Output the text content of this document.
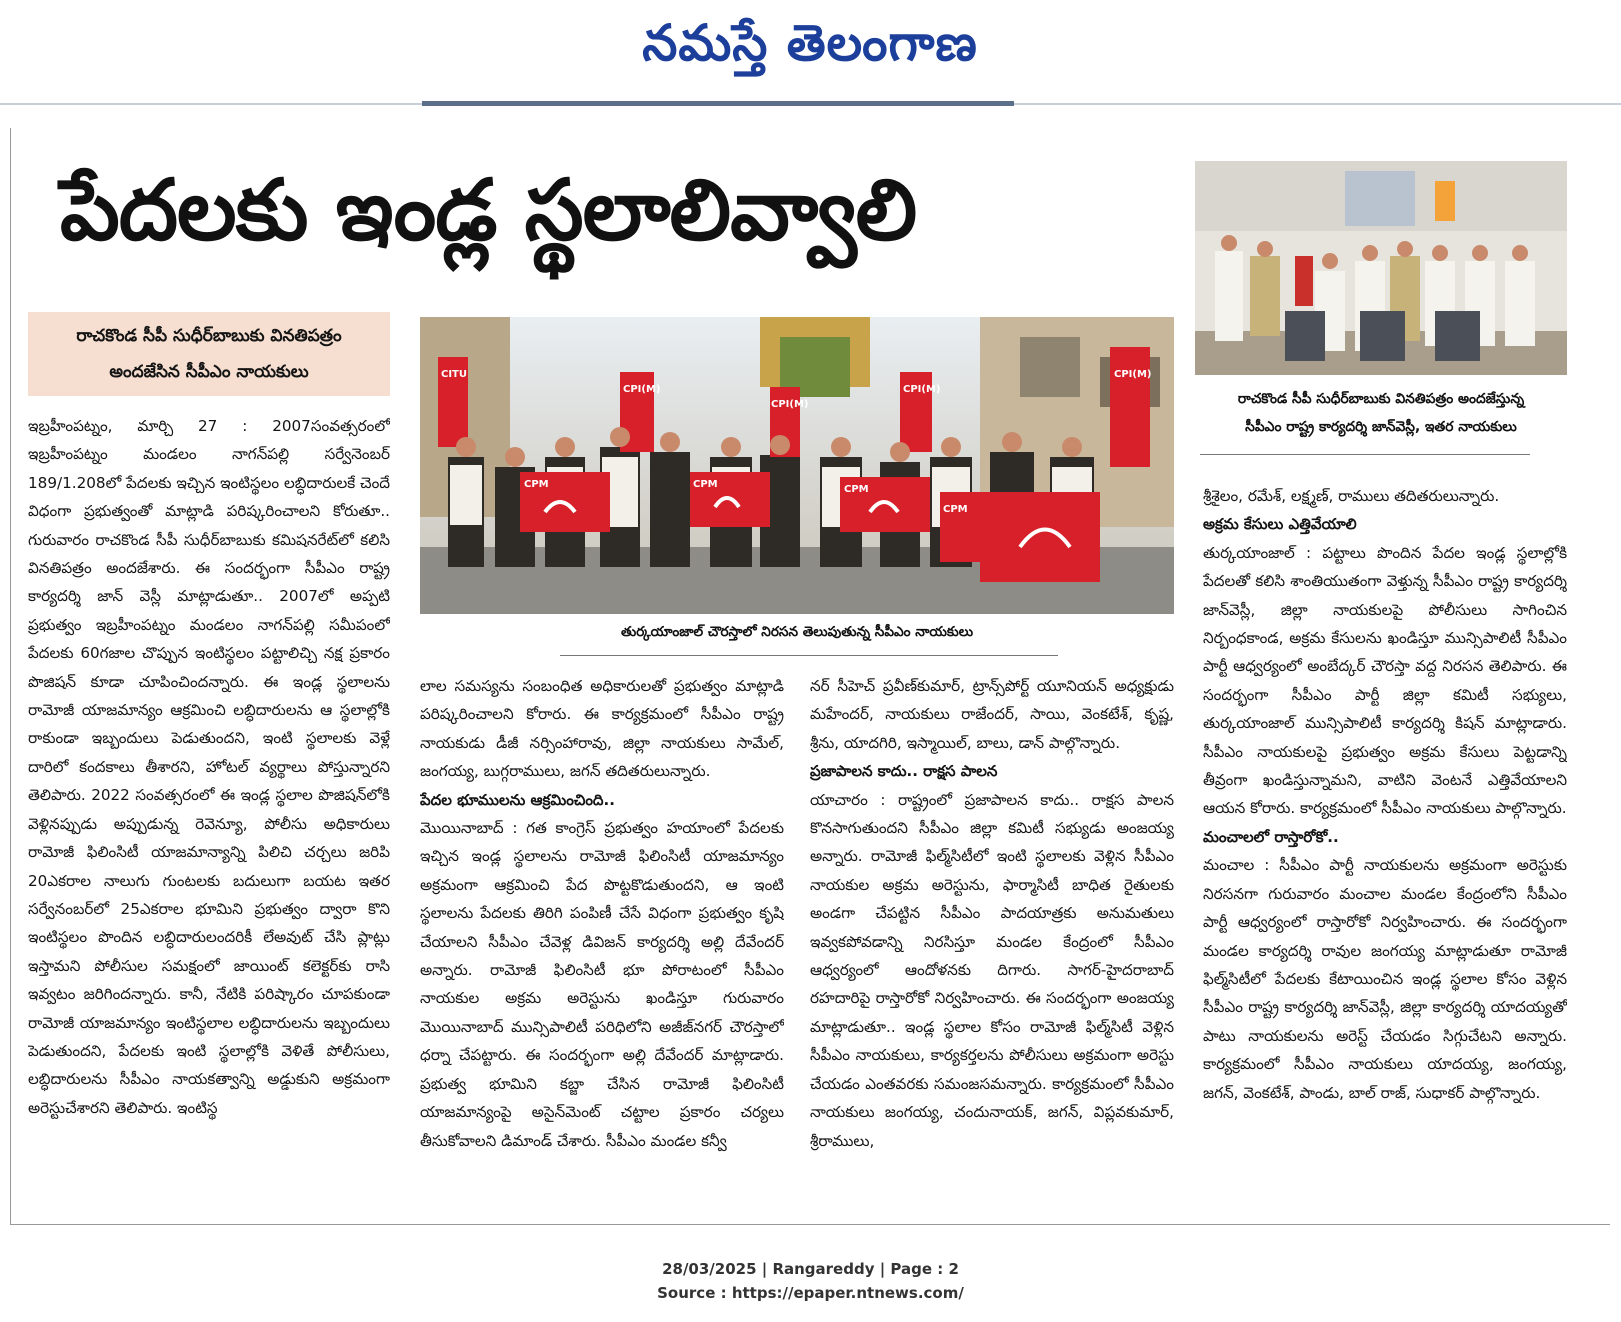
నమస్తే తెలంగాణ
పేదలకు ఇండ్ల స్థలాలివ్వాలి
రాచకొండ సీపీ సుధీర్‌బాబుకు వినతిపత్రం
అందజేసిన సీపీఎం నాయకులు

ఇబ్రహీంపట్నం, మార్చి 27 : 2007సంవత్సరంలో ఇబ్రహీంపట్నం మండలం నాగన్‌పల్లి సర్వేనెంబర్ 189/1.208లో పేదలకు ఇచ్చిన ఇంటిస్థలం లబ్ధిదారులకే చెందే విధంగా ప్రభుత్వంతో మాట్లాడి పరిష్కరించాలని కోరుతూ.. గురువారం రాచకొండ సీపీ సుధీర్‌బాబుకు కమిషనరేట్‌లో కలిసి వినతిపత్రం అందజేశారు. ఈ సందర్భంగా సీపీఎం రాష్ట్ర కార్యదర్శి జాన్ వెస్లీ మాట్లాడుతూ.. 2007లో అప్పటి ప్రభుత్వం ఇబ్రహీంపట్నం మండలం నాగన్‌పల్లి సమీపంలో పేదలకు 60గజాల చొప్పున ఇంటిస్థలం పట్టాలిచ్చి నక్ష ప్రకారం పొజిషన్ కూడా చూపించిందన్నారు. ఈ ఇండ్ల స్థలాలను రామోజీ యాజమాన్యం ఆక్రమించి లబ్ధిదారులను ఆ స్థలాల్లోకి రాకుండా ఇబ్బందులు పెడుతుందని, ఇంటి స్థలాలకు వెళ్లే దారిలో కందకాలు తీశారని, హోటల్ వ్యర్థాలు పోస్తున్నారని తెలిపారు. 2022 సంవత్సరంలో ఈ ఇండ్ల స్థలాల పొజిషన్‌లోకి వెళ్లినప్పుడు అప్పుడున్న రెవెన్యూ, పోలీసు అధికారులు రామోజీ ఫిలింసిటీ యాజమాన్యాన్ని పిలిచి చర్చలు జరిపి 20ఎకరాల నాలుగు గుంటలకు బదులుగా బయట ఇతర సర్వేనంబర్‌లో 25ఎకరాల భూమిని ప్రభుత్వం ద్వారా కొని ఇంటిస్థలం పొందిన లబ్ధిదారులందరికీ లేఅవుట్ చేసి ప్లాట్లు ఇస్తామని పోలీసుల సమక్షంలో జాయింట్ కలెక్టర్‌కు రాసి ఇవ్వటం జరిగిందన్నారు. కానీ, నేటికి పరిష్కారం చూపకుండా రామోజీ యాజమాన్యం ఇంటిస్థలాల లబ్ధిదారులను ఇబ్బందులు పెడుతుందని, పేదలకు ఇంటి స్థలాల్లోకి వెళితే పోలీసులు, లబ్ధిదారులను సీపీఎం నాయకత్వాన్ని అడ్డుకుని అక్రమంగా అరెస్టుచేశారని తెలిపారు. ఇంటిస్థ

CITU
CPI(M)
CPI(M)
CPI(M)
CPI(M)
CPM	CPM	CPM
CPM
తుర్కయాంజాల్ చౌరస్తాలో నిరసన తెలుపుతున్న సీపీఎం నాయకులు

లాల సమస్యను సంబంధిత అధికారులతో ప్రభుత్వం మాట్లాడి పరిష్కరించాలని కోరారు. ఈ కార్యక్రమంలో సీపీఎం రాష్ట్ర నాయకుడు డీజీ నర్సింహారావు, జిల్లా నాయకులు సామేల్, జంగయ్య, బుగ్గరాములు, జగన్ తదితరులున్నారు.

పేదల భూములను ఆక్రమించింది..

మొయినాబాద్ : గత కాంగ్రెస్ ప్రభుత్వం హయాంలో పేదలకు ఇచ్చిన ఇండ్ల స్థలాలను రామోజీ ఫిలింసిటీ యాజమాన్యం అక్రమంగా ఆక్రమించి పేద పొట్టకొడుతుందని, ఆ ఇంటి స్థలాలను పేదలకు తిరిగి పంపిణీ చేసే విధంగా ప్రభుత్వం కృషి చేయాలని సీపీఎం చేవెళ్ల డివిజన్ కార్యదర్శి అల్లి దేవేందర్ అన్నారు. రామోజీ ఫిలింసిటీ భూ పోరాటంలో సీపీఎం నాయకుల అక్రమ అరెస్టును ఖండిస్తూ గురువారం మొయినాబాద్ మున్సిపాలిటీ పరిధిలోని అజీజ్‌నగర్ చౌరస్తాలో ధర్నా చేపట్టారు. ఈ సందర్భంగా అల్లి దేవేందర్ మాట్లాడారు. ప్రభుత్వ భూమిని కబ్జా చేసిన రామోజీ ఫిలింసిటీ యాజమాన్యంపై అసైన్‌మెంట్ చట్టాల ప్రకారం చర్యలు తీసుకోవాలని డిమాండ్ చేశారు. సీపీఎం మండల కన్వీ

నర్ సీహెచ్ ప్రవీణ్‌కుమార్, ట్రాన్స్‌పోర్ట్ యూనియన్ అధ్యక్షుడు మహేందర్, నాయకులు రాజేందర్, సాయి, వెంకటేశ్, కృష్ణ, శ్రీను, యాదగిరి, ఇస్మాయిల్, బాలు, డాన్ పాల్గొన్నారు.

ప్రజాపాలన కాదు.. రాక్షస పాలన

యాచారం : రాష్ట్రంలో ప్రజాపాలన కాదు.. రాక్షస పాలన కొనసాగుతుందని సీపీఎం జిల్లా కమిటీ సభ్యుడు అంజయ్య అన్నారు. రామోజీ ఫిల్మ్‌సిటీలో ఇంటి స్థలాలకు వెళ్లిన సీపీఎం నాయకుల అక్రమ అరెస్టును, ఫార్మాసిటీ బాధిత రైతులకు అండగా చేపట్టిన సీపీఎం పాదయాత్రకు అనుమతులు ఇవ్వకపోవడాన్ని నిరసిస్తూ మండల కేంద్రంలో సీపీఎం ఆధ్వర్యంలో ఆందోళనకు దిగారు. సాగర్-హైదరాబాద్ రహదారిపై రాస్తారోకో నిర్వహించారు. ఈ సందర్భంగా అంజయ్య మాట్లాడుతూ.. ఇండ్ల స్థలాల కోసం రామోజీ ఫిల్మ్‌సిటీ వెళ్లిన సీపీఎం నాయకులు, కార్యకర్తలను పోలీసులు అక్రమంగా అరెస్టు చేయడం ఎంతవరకు సమంజసమన్నారు. కార్యక్రమంలో సీపీఎం నాయకులు జంగయ్య, చందునాయక్, జగన్, విప్లవకుమార్, శ్రీరాములు,

రాచకొండ సీపీ సుధీర్‌బాబుకు వినతిపత్రం అందజేస్తున్న
సీపీఎం రాష్ట్ర కార్యదర్శి జాన్‌వెస్లీ, ఇతర నాయకులు

శ్రీశైలం, రమేశ్, లక్ష్మణ్, రాములు తదితరులున్నారు.

అక్రమ కేసులు ఎత్తివేయాలి

తుర్కయాంజాల్ : పట్టాలు పొందిన పేదల ఇండ్ల స్థలాల్లోకి పేదలతో కలిసి శాంతియుతంగా వెళ్తున్న సీపీఎం రాష్ట్ర కార్యదర్శి జాన్‌వెస్లీ, జిల్లా నాయకులపై పోలీసులు సాగించిన నిర్బంధకాండ, అక్రమ కేసులను ఖండిస్తూ మున్సిపాలిటీ సీపీఎం పార్టీ ఆధ్వర్యంలో అంబేద్కర్ చౌరస్తా వద్ద నిరసన తెలిపారు. ఈ సందర్భంగా సీపీఎం పార్టీ జిల్లా కమిటీ సభ్యులు, తుర్కయాంజాల్ మున్సిపాలిటీ కార్యదర్శి కిషన్ మాట్లాడారు. సీపీఎం నాయకులపై ప్రభుత్వం అక్రమ కేసులు పెట్టడాన్ని తీవ్రంగా ఖండిస్తున్నామని, వాటిని వెంటనే ఎత్తివేయాలని ఆయన కోరారు. కార్యక్రమంలో సీపీఎం నాయకులు పాల్గొన్నారు.

మంచాలలో రాస్తారోకో..

మంచాల : సీపీఎం పార్టీ నాయకులను అక్రమంగా అరెస్టుకు నిరసనగా గురువారం మంచాల మండల కేంద్రంలోని సీపీఎం పార్టీ ఆధ్వర్యంలో రాస్తారోకో నిర్వహించారు. ఈ సందర్భంగా మండల కార్యదర్శి రావుల జంగయ్య మాట్లాడుతూ రామోజీ ఫిల్మ్‌సిటీలో పేదలకు కేటాయించిన ఇండ్ల స్థలాల కోసం వెళ్లిన సీపీఎం రాష్ట్ర కార్యదర్శి జాన్‌వెస్లీ, జిల్లా కార్యదర్శి యాదయ్యతో పాటు నాయకులను అరెస్ట్ చేయడం సిగ్గుచేటని అన్నారు. కార్యక్రమంలో సీపీఎం నాయకులు యాదయ్య, జంగయ్య, జగన్, వెంకటేశ్, పాండు, బాల్ రాజ్, సుధాకర్ పాల్గొన్నారు.

28/03/2025 | Rangareddy | Page : 2
Source : https://epaper.ntnews.com/
